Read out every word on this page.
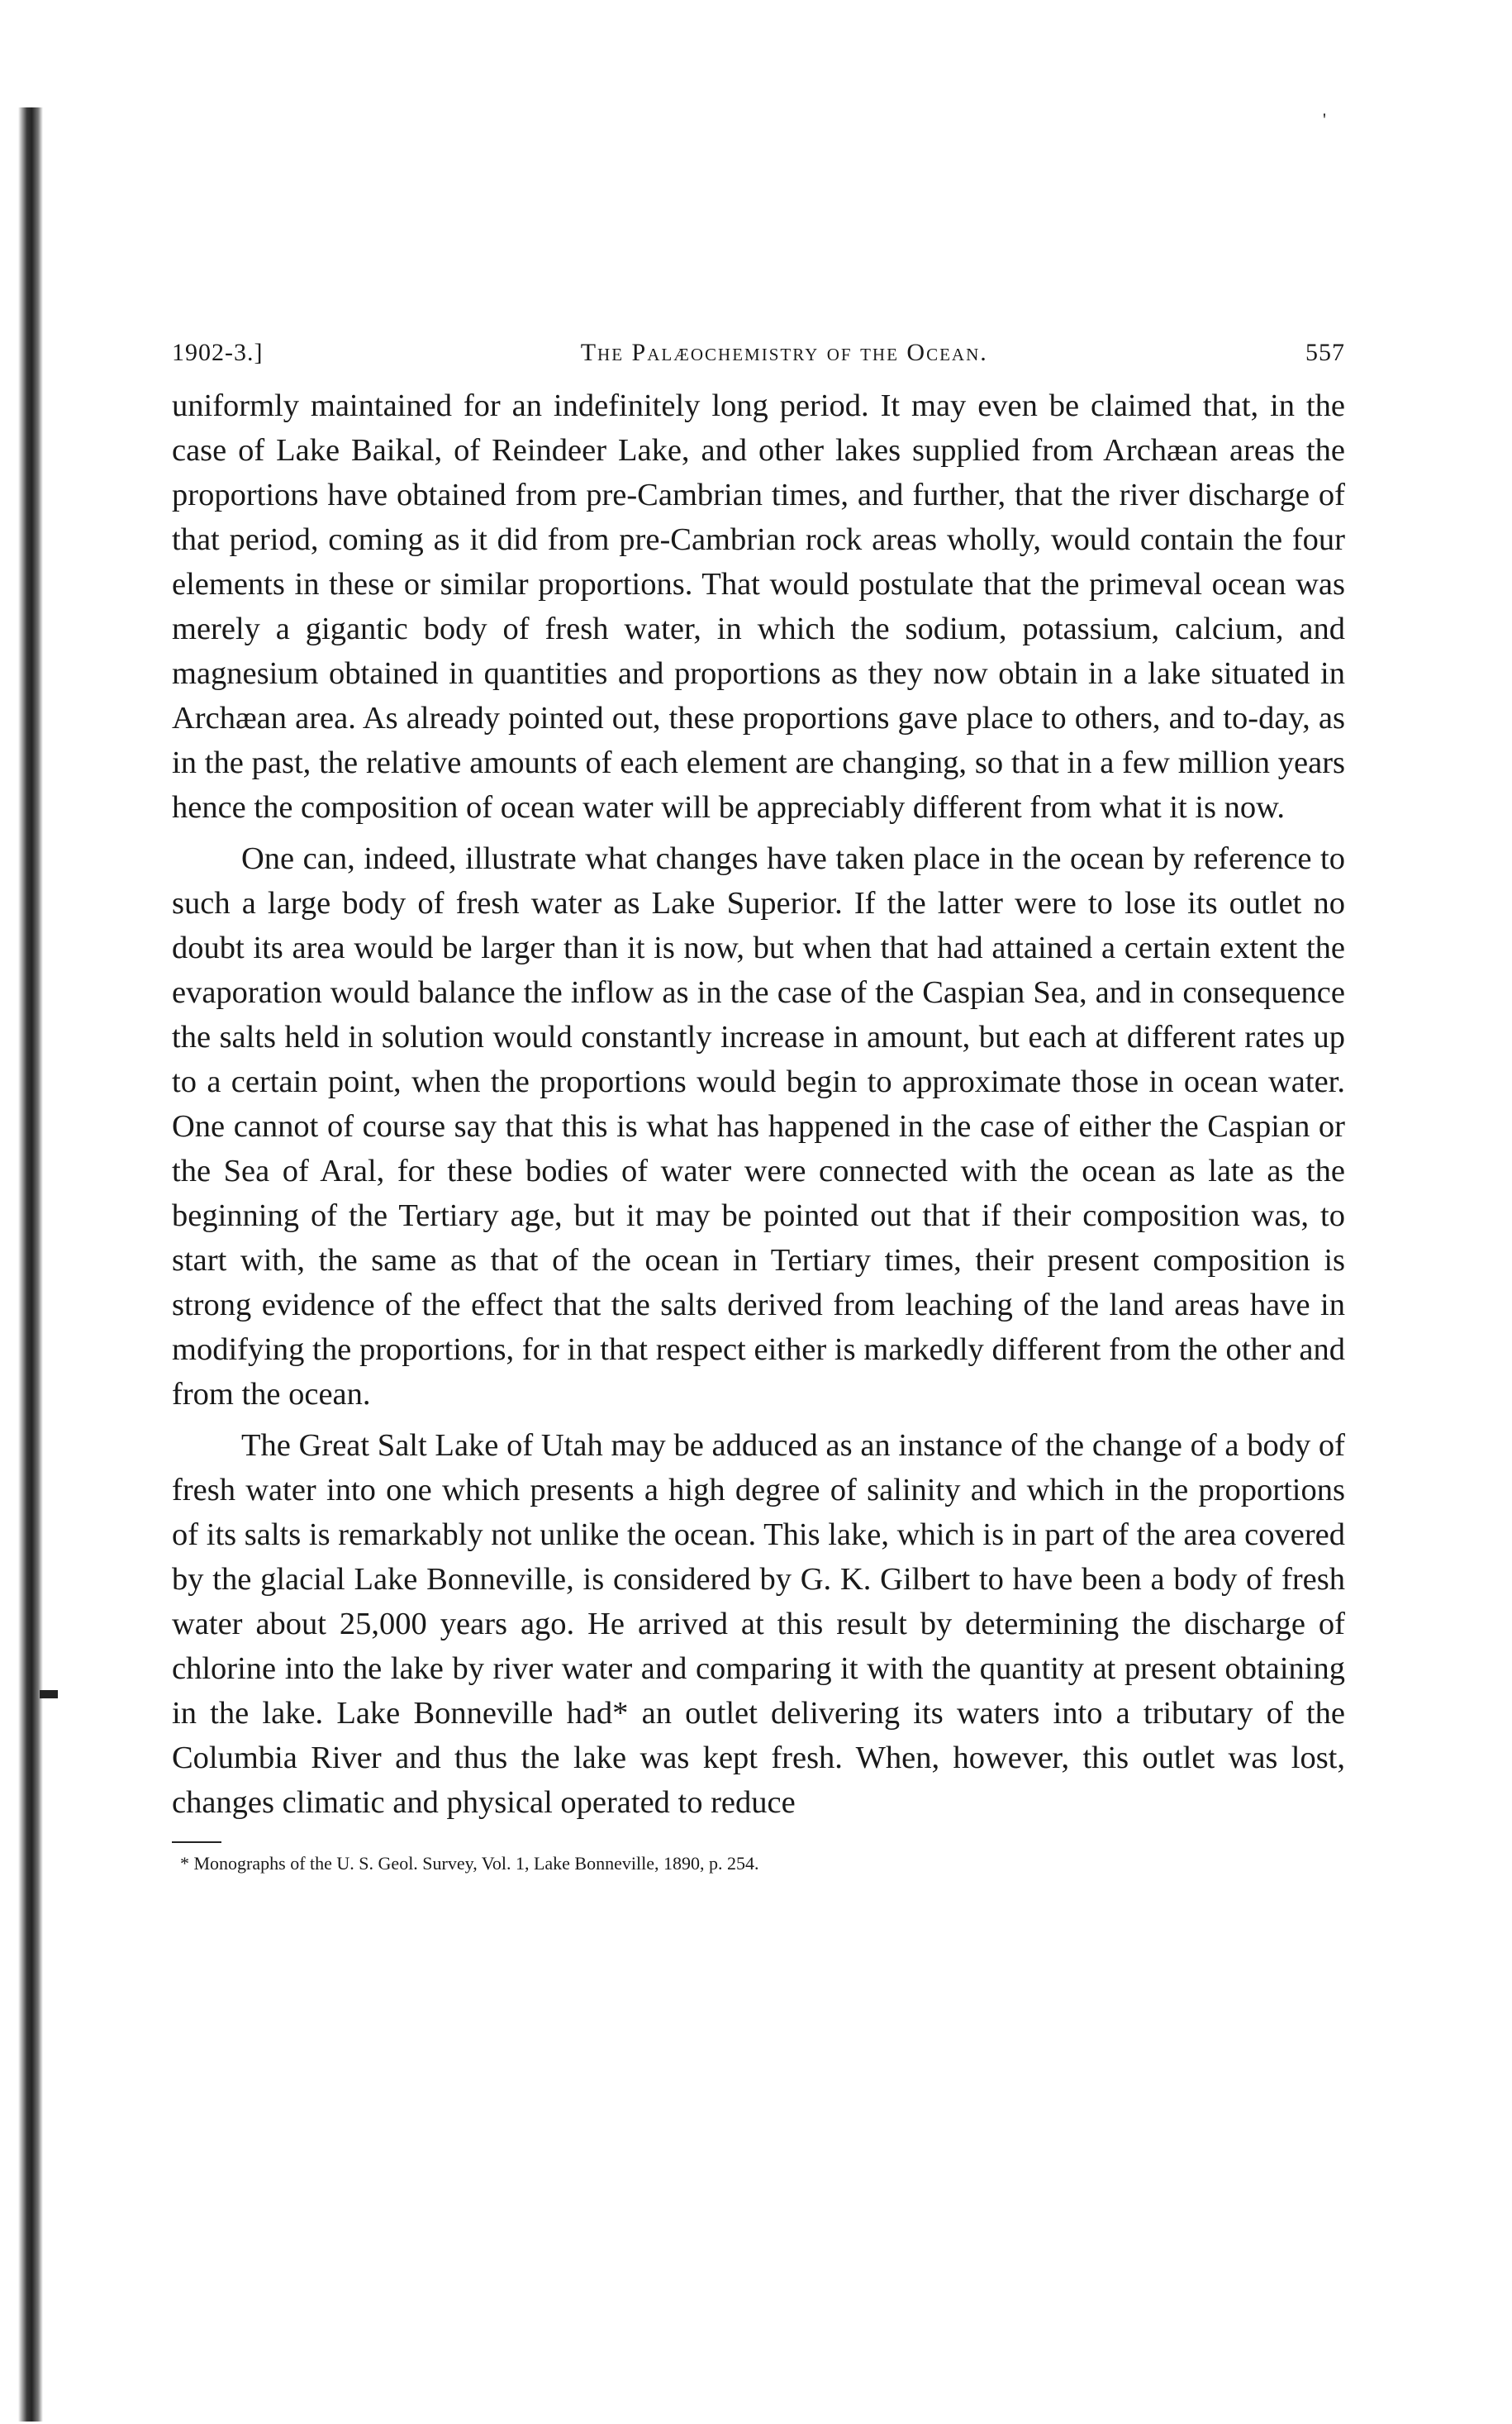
'
1902-3.]	The Palæochemistry of the Ocean.	557

uniformly maintained for an indefinitely long period. It may even be claimed that, in the case of Lake Baikal, of Reindeer Lake, and other lakes supplied from Archæan areas the proportions have obtained from pre-Cambrian times, and further, that the river discharge of that period, coming as it did from pre-Cambrian rock areas wholly, would contain the four elements in these or similar proportions. That would postulate that the primeval ocean was merely a gigantic body of fresh water, in which the sodium, potassium, calcium, and magnesium obtained in quantities and proportions as they now obtain in a lake situated in Archæan area. As already pointed out, these proportions gave place to others, and to-day, as in the past, the relative amounts of each element are changing, so that in a few million years hence the composition of ocean water will be appreciably different from what it is now.

One can, indeed, illustrate what changes have taken place in the ocean by reference to such a large body of fresh water as Lake Superior. If the latter were to lose its outlet no doubt its area would be larger than it is now, but when that had attained a certain extent the evaporation would balance the inflow as in the case of the Caspian Sea, and in consequence the salts held in solution would constantly increase in amount, but each at different rates up to a certain point, when the proportions would begin to approximate those in ocean water. One cannot of course say that this is what has happened in the case of either the Caspian or the Sea of Aral, for these bodies of water were connected with the ocean as late as the beginning of the Tertiary age, but it may be pointed out that if their composition was, to start with, the same as that of the ocean in Tertiary times, their present composition is strong evidence of the effect that the salts derived from leaching of the land areas have in modifying the proportions, for in that respect either is markedly different from the other and from the ocean.

The Great Salt Lake of Utah may be adduced as an instance of the change of a body of fresh water into one which presents a high degree of salinity and which in the proportions of its salts is remarkably not unlike the ocean. This lake, which is in part of the area covered by the glacial Lake Bonneville, is considered by G. K. Gilbert to have been a body of fresh water about 25,000 years ago. He arrived at this result by determining the discharge of chlorine into the lake by river water and comparing it with the quantity at present obtaining in the lake. Lake Bonneville had* an outlet delivering its waters into a tributary of the Columbia River and thus the lake was kept fresh. When, however, this outlet was lost, changes climatic and physical operated to reduce

* Monographs of the U. S. Geol. Survey, Vol. 1, Lake Bonneville, 1890, p. 254.
